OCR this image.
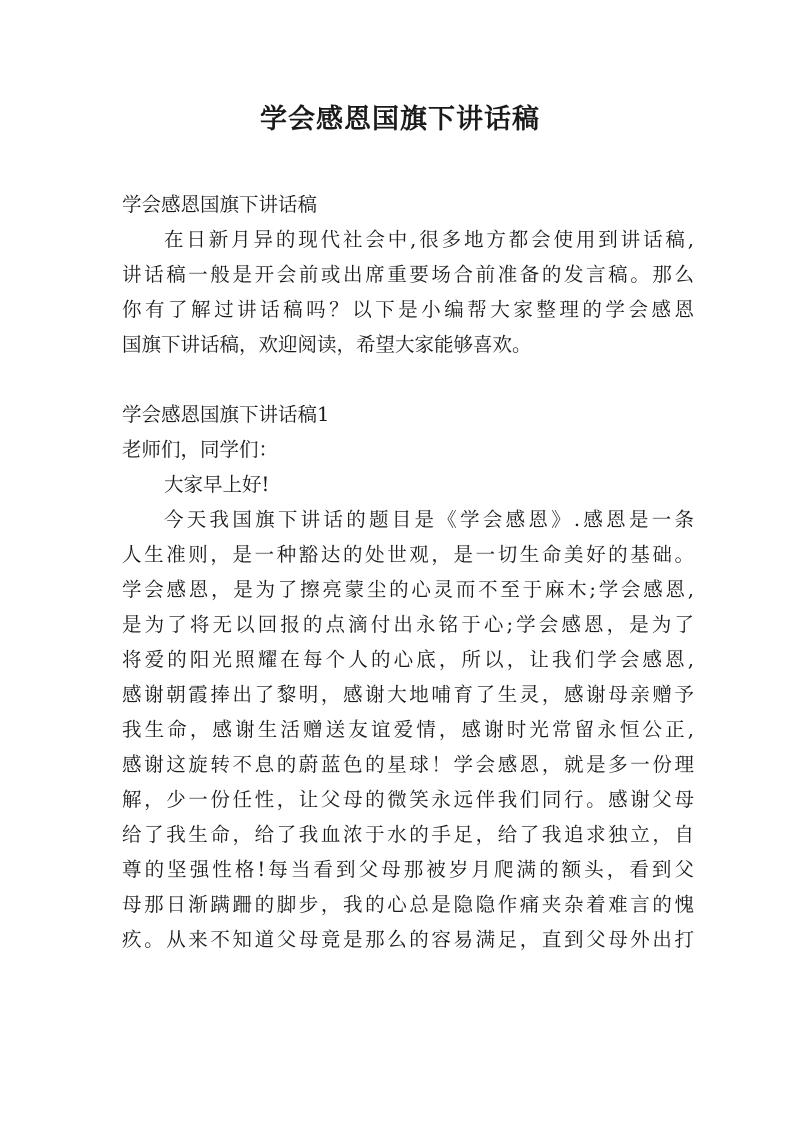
学会感恩国旗下讲话稿
学会感恩国旗下讲话稿
在日新月异的现代社会中,很多地方都会使用到讲话稿,
讲话稿一般是开会前或出席重要场合前准备的发言稿。那么
你有了解过讲话稿吗？以下是小编帮大家整理的学会感恩
国旗下讲话稿，欢迎阅读，希望大家能够喜欢。
学会感恩国旗下讲话稿1
老师们，同学们：
大家早上好!
今天我国旗下讲话的题目是《学会感恩》.感恩是一条
人生准则，是一种豁达的处世观，是一切生命美好的基础。
学会感恩，是为了擦亮蒙尘的心灵而不至于麻木;学会感恩,
是为了将无以回报的点滴付出永铭于心;学会感恩，是为了
将爱的阳光照耀在每个人的心底，所以，让我们学会感恩,
感谢朝霞捧出了黎明，感谢大地哺育了生灵，感谢母亲赠予
我生命，感谢生活赠送友谊爱情，感谢时光常留永恒公正,
感谢这旋转不息的蔚蓝色的星球！学会感恩，就是多一份理
解，少一份任性，让父母的微笑永远伴我们同行。感谢父母
给了我生命，给了我血浓于水的手足，给了我追求独立，自
尊的坚强性格!每当看到父母那被岁月爬满的额头，看到父
母那日渐蹒跚的脚步，我的心总是隐隐作痛夹杂着难言的愧
疚。从来不知道父母竟是那么的容易满足，直到父母外出打
